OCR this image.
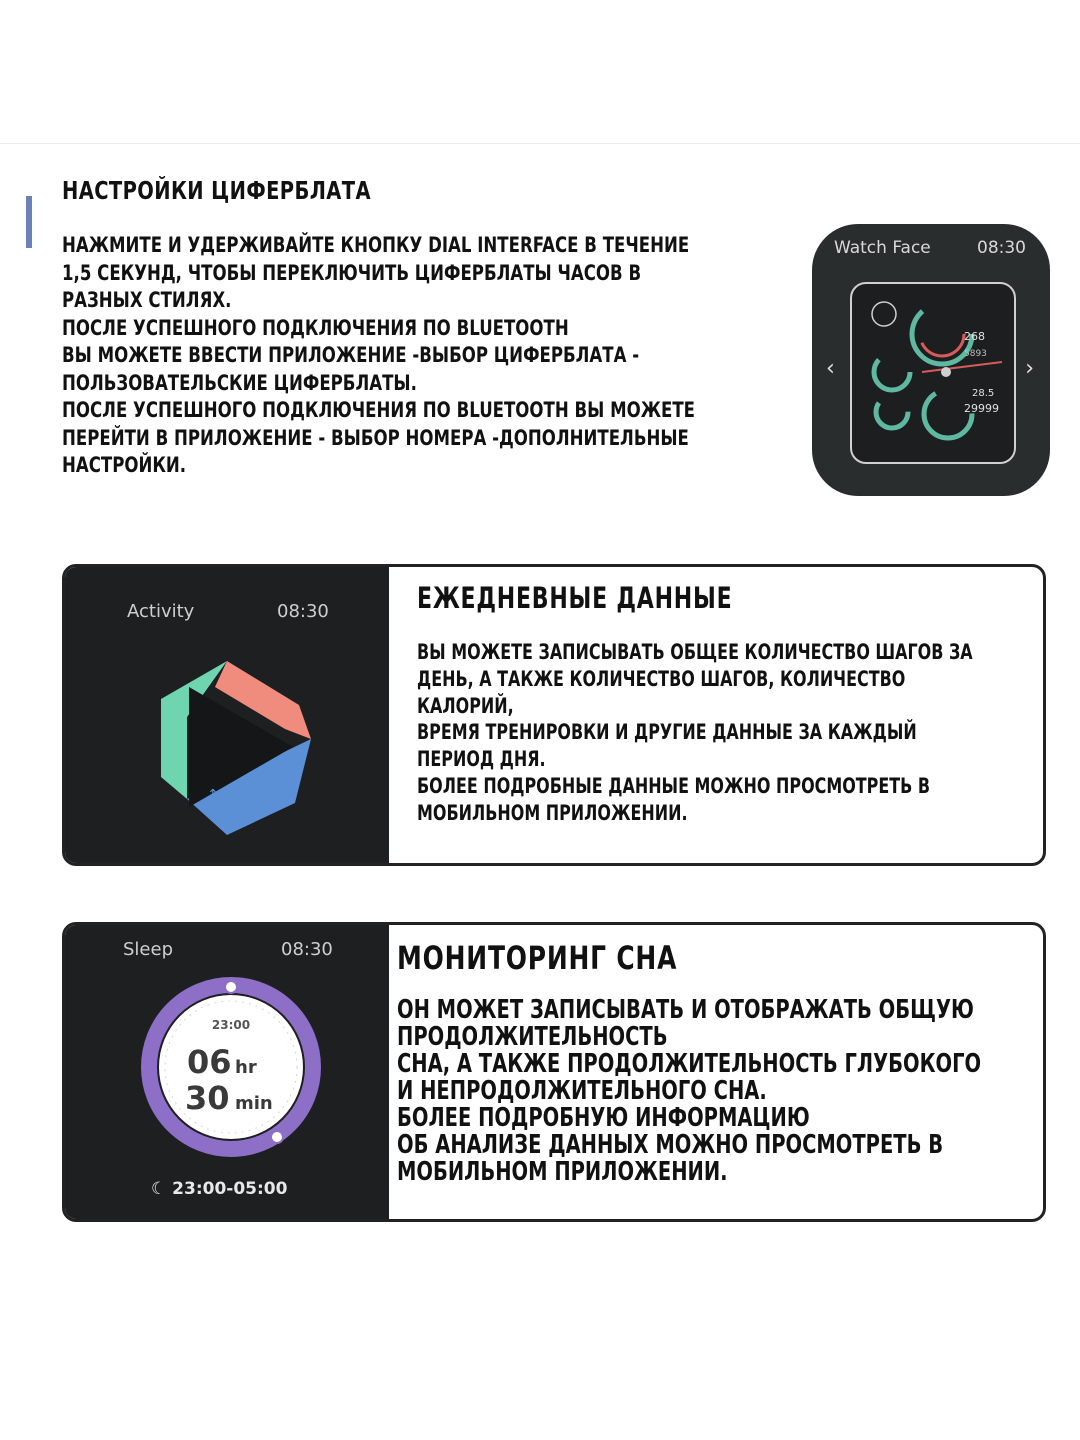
НАСТРОЙКИ ЦИФЕРБЛАТА
НАЖМИТЕ И УДЕРЖИВАЙТЕ КНОПКУ DIAL INTERFACE В ТЕЧЕНИЕ
1,5 СЕКУНД, ЧТОБЫ ПЕРЕКЛЮЧИТЬ ЦИФЕРБЛАТЫ ЧАСОВ В
РАЗНЫХ СТИЛЯХ.
ПОСЛЕ УСПЕШНОГО ПОДКЛЮЧЕНИЯ ПО BLUETOOTH
ВЫ МОЖЕТЕ ВВЕСТИ ПРИЛОЖЕНИЕ -ВЫБОР ЦИФЕРБЛАТА -
ПОЛЬЗОВАТЕЛЬСКИЕ ЦИФЕРБЛАТЫ.
ПОСЛЕ УСПЕШНОГО ПОДКЛЮЧЕНИЯ ПО BLUETOOTH ВЫ МОЖЕТЕ
ПЕРЕЙТИ В ПРИЛОЖЕНИЕ - ВЫБОР НОМЕРА -ДОПОЛНИТЕЛЬНЫЕ
НАСТРОЙКИ.
Watch Face	08:30
‹	›
268
5893
28.5
29999
Activity	08:30
↑
ЕЖЕДНЕВНЫЕ ДАННЫЕ
ВЫ МОЖЕТЕ ЗАПИСЫВАТЬ ОБЩЕЕ КОЛИЧЕСТВО ШАГОВ ЗА
ДЕНЬ, А ТАКЖЕ КОЛИЧЕСТВО ШАГОВ, КОЛИЧЕСТВО
КАЛОРИЙ,
ВРЕМЯ ТРЕНИРОВКИ И ДРУГИЕ ДАННЫЕ ЗА КАЖДЫЙ
ПЕРИОД ДНЯ.
БОЛЕЕ ПОДРОБНЫЕ ДАННЫЕ МОЖНО ПРОСМОТРЕТЬ В
МОБИЛЬНОМ ПРИЛОЖЕНИИ.
Sleep	08:30
23:00
06 hr
30 min
☾ 23:00-05:00
МОНИТОРИНГ СНА
ОН МОЖЕТ ЗАПИСЫВАТЬ И ОТОБРАЖАТЬ ОБЩУЮ
ПРОДОЛЖИТЕЛЬНОСТЬ
СНА, А ТАКЖЕ ПРОДОЛЖИТЕЛЬНОСТЬ ГЛУБОКОГО
И НЕПРОДОЛЖИТЕЛЬНОГО СНА.
БОЛЕЕ ПОДРОБНУЮ ИНФОРМАЦИЮ
ОБ АНАЛИЗЕ ДАННЫХ МОЖНО ПРОСМОТРЕТЬ В
МОБИЛЬНОМ ПРИЛОЖЕНИИ.
